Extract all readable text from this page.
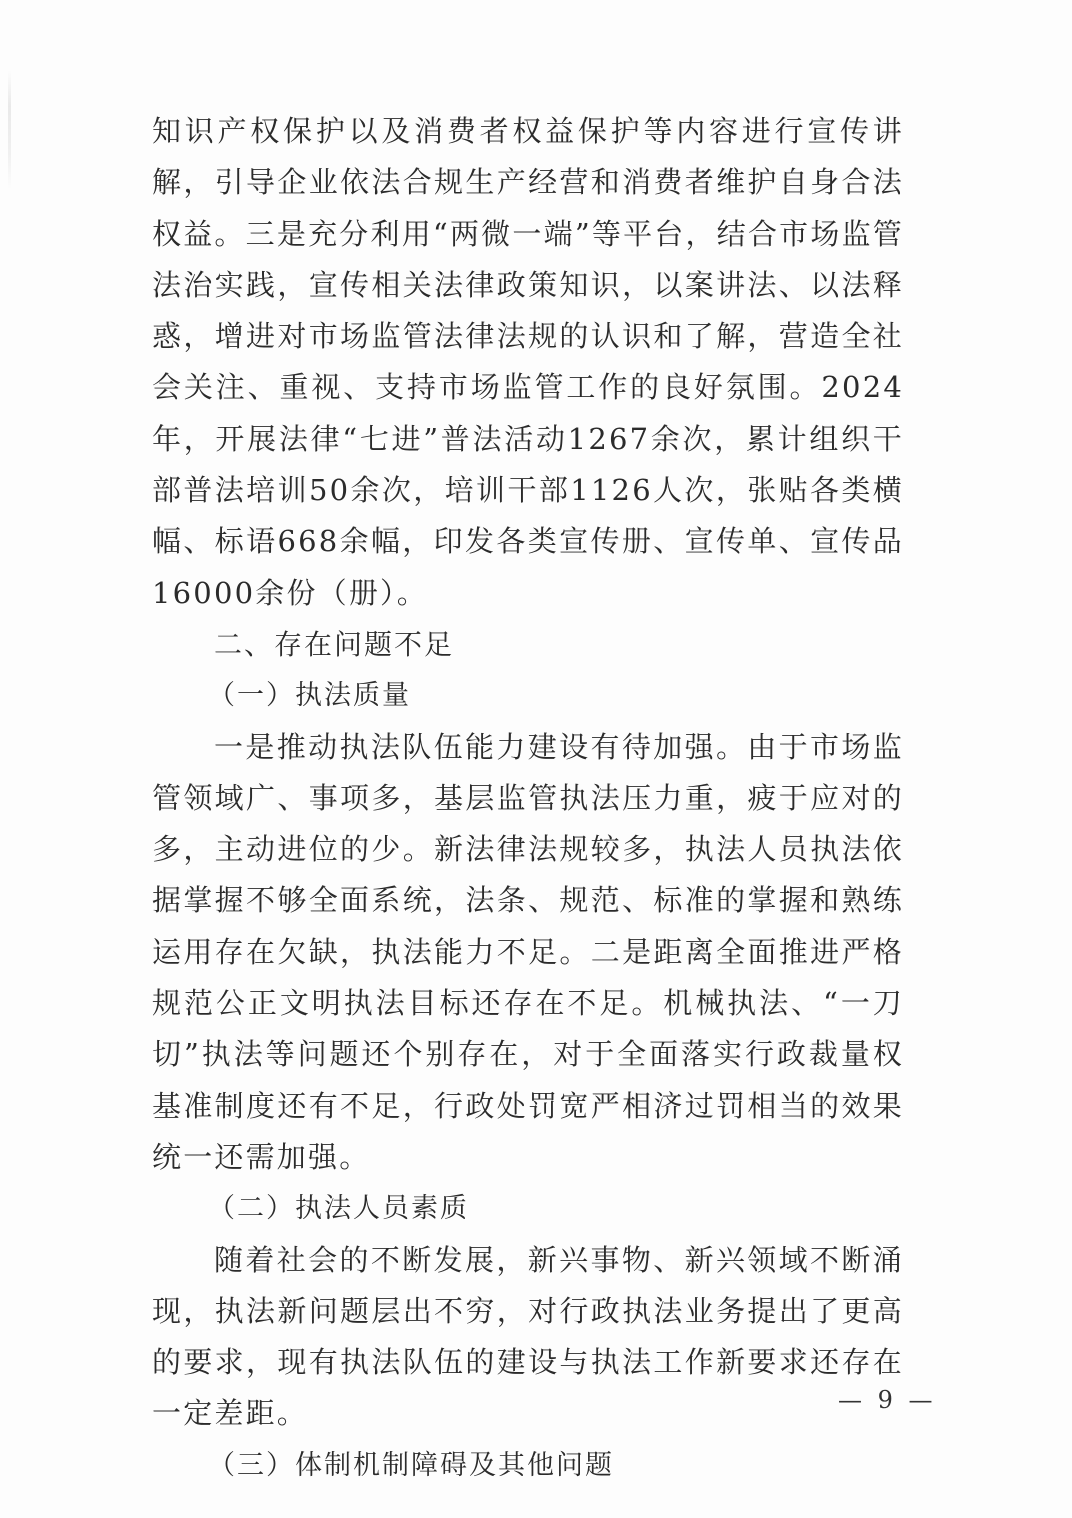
知识产权保护以及消费者权益保护等内容进行宣传讲解，引导企业依法合规生产经营和消费者维护自身合法权益。三是充分利用“两微一端”等平台，结合市场监管法治实践，宣传相关法律政策知识，以案讲法、以法释惑，增进对市场监管法律法规的认识和了解，营造全社会关注、重视、支持市场监管工作的良好氛围。2024年，开展法律“七进”普法活动1267余次，累计组织干部普法培训50余次，培训干部1126人次，张贴各类横幅、标语668余幅，印发各类宣传册、宣传单、宣传品16000余份（册）。

二、存在问题不足

（一）执法质量

一是推动执法队伍能力建设有待加强。由于市场监管领域广、事项多，基层监管执法压力重，疲于应对的多，主动进位的少。新法律法规较多，执法人员执法依据掌握不够全面系统，法条、规范、标准的掌握和熟练运用存在欠缺，执法能力不足。二是距离全面推进严格规范公正文明执法目标还存在不足。机械执法、“一刀切”执法等问题还个别存在，对于全面落实行政裁量权基准制度还有不足，行政处罚宽严相济过罚相当的效果统一还需加强。

（二）执法人员素质

随着社会的不断发展，新兴事物、新兴领域不断涌现，执法新问题层出不穷，对行政执法业务提出了更高的要求，现有执法队伍的建设与执法工作新要求还存在一定差距。

（三）体制机制障碍及其他问题

— 9 —
